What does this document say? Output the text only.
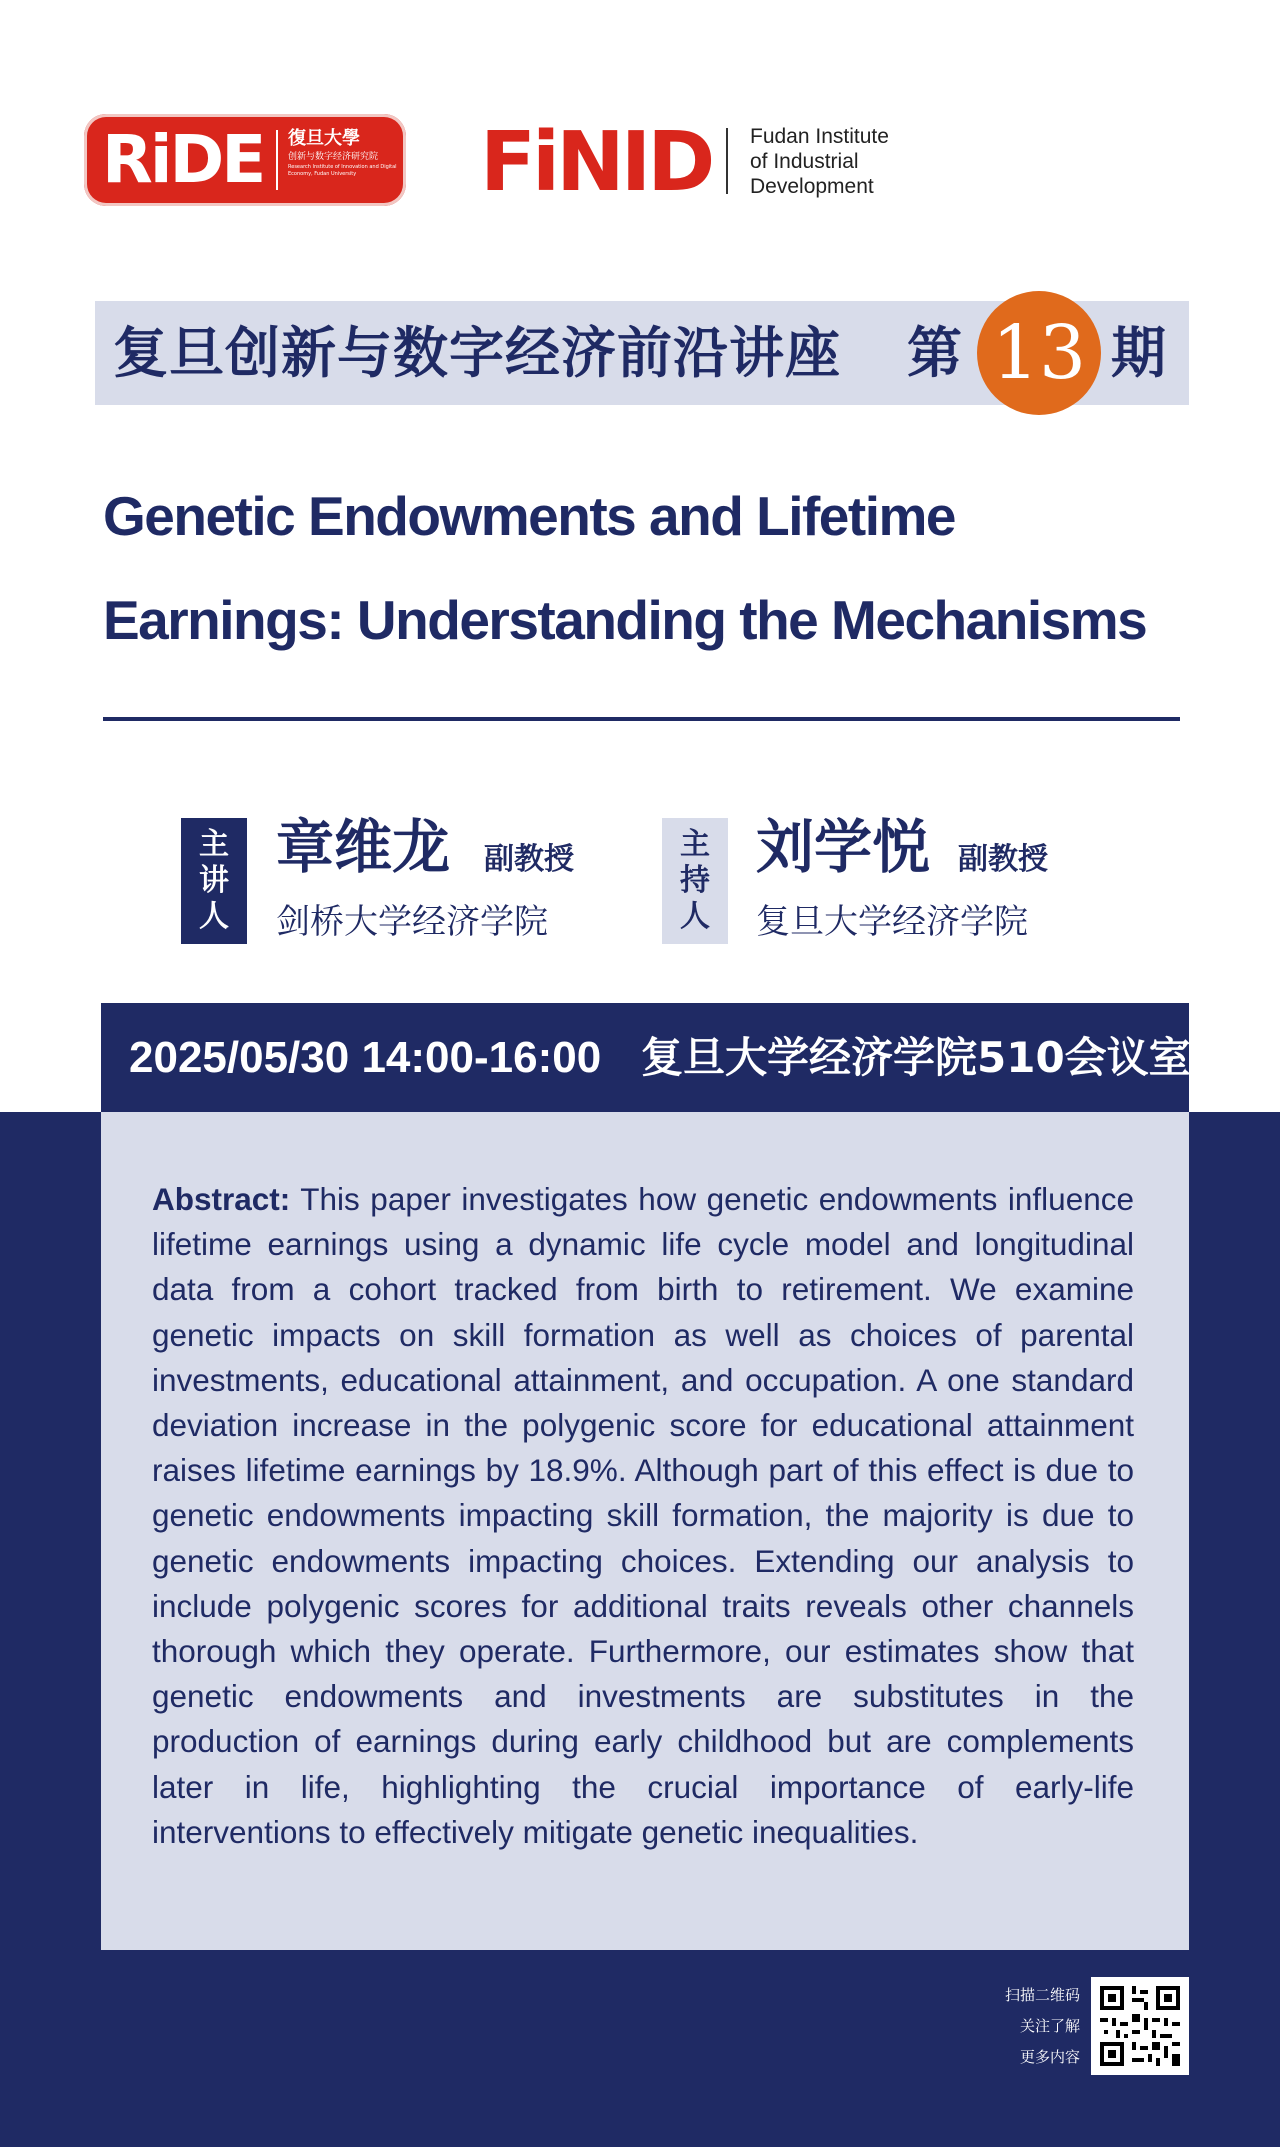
RiDE 復旦大學
创新与数字经济研究院
Research Institute of Innovation and Digital Economy, Fudan University	FiNID Fudan Institute
of Industrial
Development
复旦创新与数字经济前沿讲座 第 13 期
Genetic Endowments and Lifetime Earnings: Understanding the Mechanisms
主
讲
人
章维龙 副教授
剑桥大学经济学院
主
持
人
刘学悦 副教授
复旦大学经济学院
2025/05/30 14:00-16:00 复旦大学经济学院510会议室
Abstract: This paper investigates how genetic endowments influence lifetime earnings using a dynamic life cycle model and longitudinal data from a cohort tracked from birth to retirement. We examine genetic impacts on skill formation as well as choices of parental investments, educational attainment, and occupation. A one standard deviation increase in the polygenic score for educational attainment raises lifetime earnings by 18.9%. Although part of this effect is due to genetic endowments impacting skill formation, the majority is due to genetic endowments impacting choices. Extending our analysis to include polygenic scores for additional traits reveals other channels thorough which they operate. Furthermore, our estimates show that genetic endowments and investments are substitutes in the production of earnings during early childhood but are complements later in life, highlighting the crucial importance of early-life interventions to effectively mitigate genetic inequalities.
扫描二维码
关注了解
更多内容
